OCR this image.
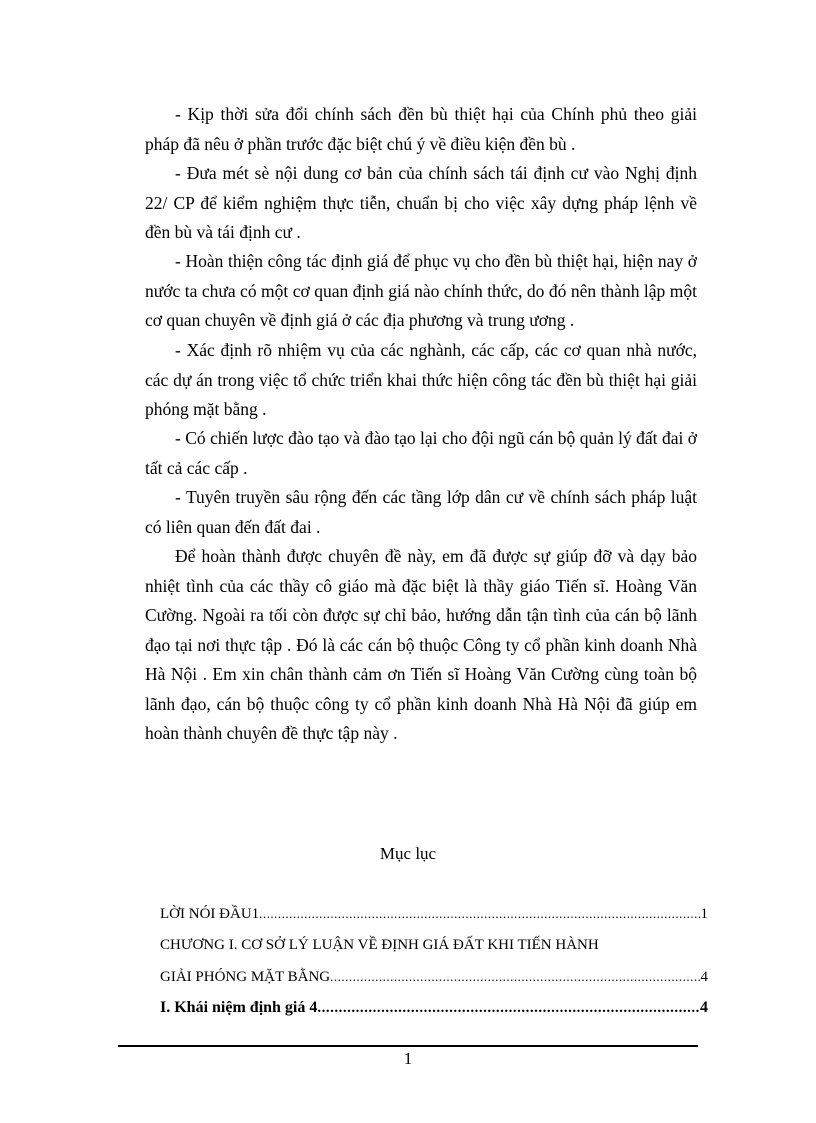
- Kịp thời sửa đổi chính sách đền bù thiệt hại của Chính phủ theo giải pháp đã nêu ở phần trước đặc biệt chú ý về điều kiện đền bù .

- Đưa mét sè nội dung cơ bản của chính sách tái định cư vào Nghị định 22/ CP để kiểm nghiệm thực tiễn, chuẩn bị cho việc xây dựng pháp lệnh về đền bù và tái định cư .

- Hoàn thiện công tác định giá để phục vụ cho đền bù thiệt hại, hiện nay ở nước ta chưa có một cơ quan định giá nào chính thức, do đó nên thành lập một cơ quan chuyên về định giá ở các địa phương và trung ương .

- Xác định rõ nhiệm vụ của các nghành, các cấp, các cơ quan nhà nước, các dự án trong việc tổ chức triển khai thức hiện công tác đền bù thiệt hại giải phóng mặt bằng .

- Có chiến lược đào tạo và đào tạo lại cho đội ngũ cán bộ quản lý đất đai ở tất cả các cấp .

- Tuyên truyền sâu rộng đến các tầng lớp dân cư về chính sách pháp luật có liên quan đến đất đai .

Để hoàn thành được chuyên đề này, em đã được sự giúp đỡ và dạy bảo nhiệt tình của các thầy cô giáo mà đặc biệt là thầy giáo Tiến sĩ. Hoàng Văn Cường. Ngoài ra tối còn được sự chỉ bảo, hướng dẫn tận tình của cán bộ lãnh đạo tại nơi thực tập . Đó là các cán bộ thuộc Công ty cổ phần kinh doanh Nhà Hà Nội . Em xin chân thành cảm ơn Tiến sĩ Hoàng Văn Cường cùng toàn bộ lãnh đạo, cán bộ thuộc công ty cổ phần kinh doanh Nhà Hà Nội đã giúp em hoàn thành chuyên đề thực tập này .

Mục lục
LỜI NÓI ĐẦU1 .....	1
CHƯƠNG I. CƠ SỞ LÝ LUẬN VỀ ĐỊNH GIÁ ĐẤT KHI TIẾN HÀNH
GIẢI PHÓNG MẶT BẰNG .....	4
I. Khái niệm định giá 4 .....	4
1
